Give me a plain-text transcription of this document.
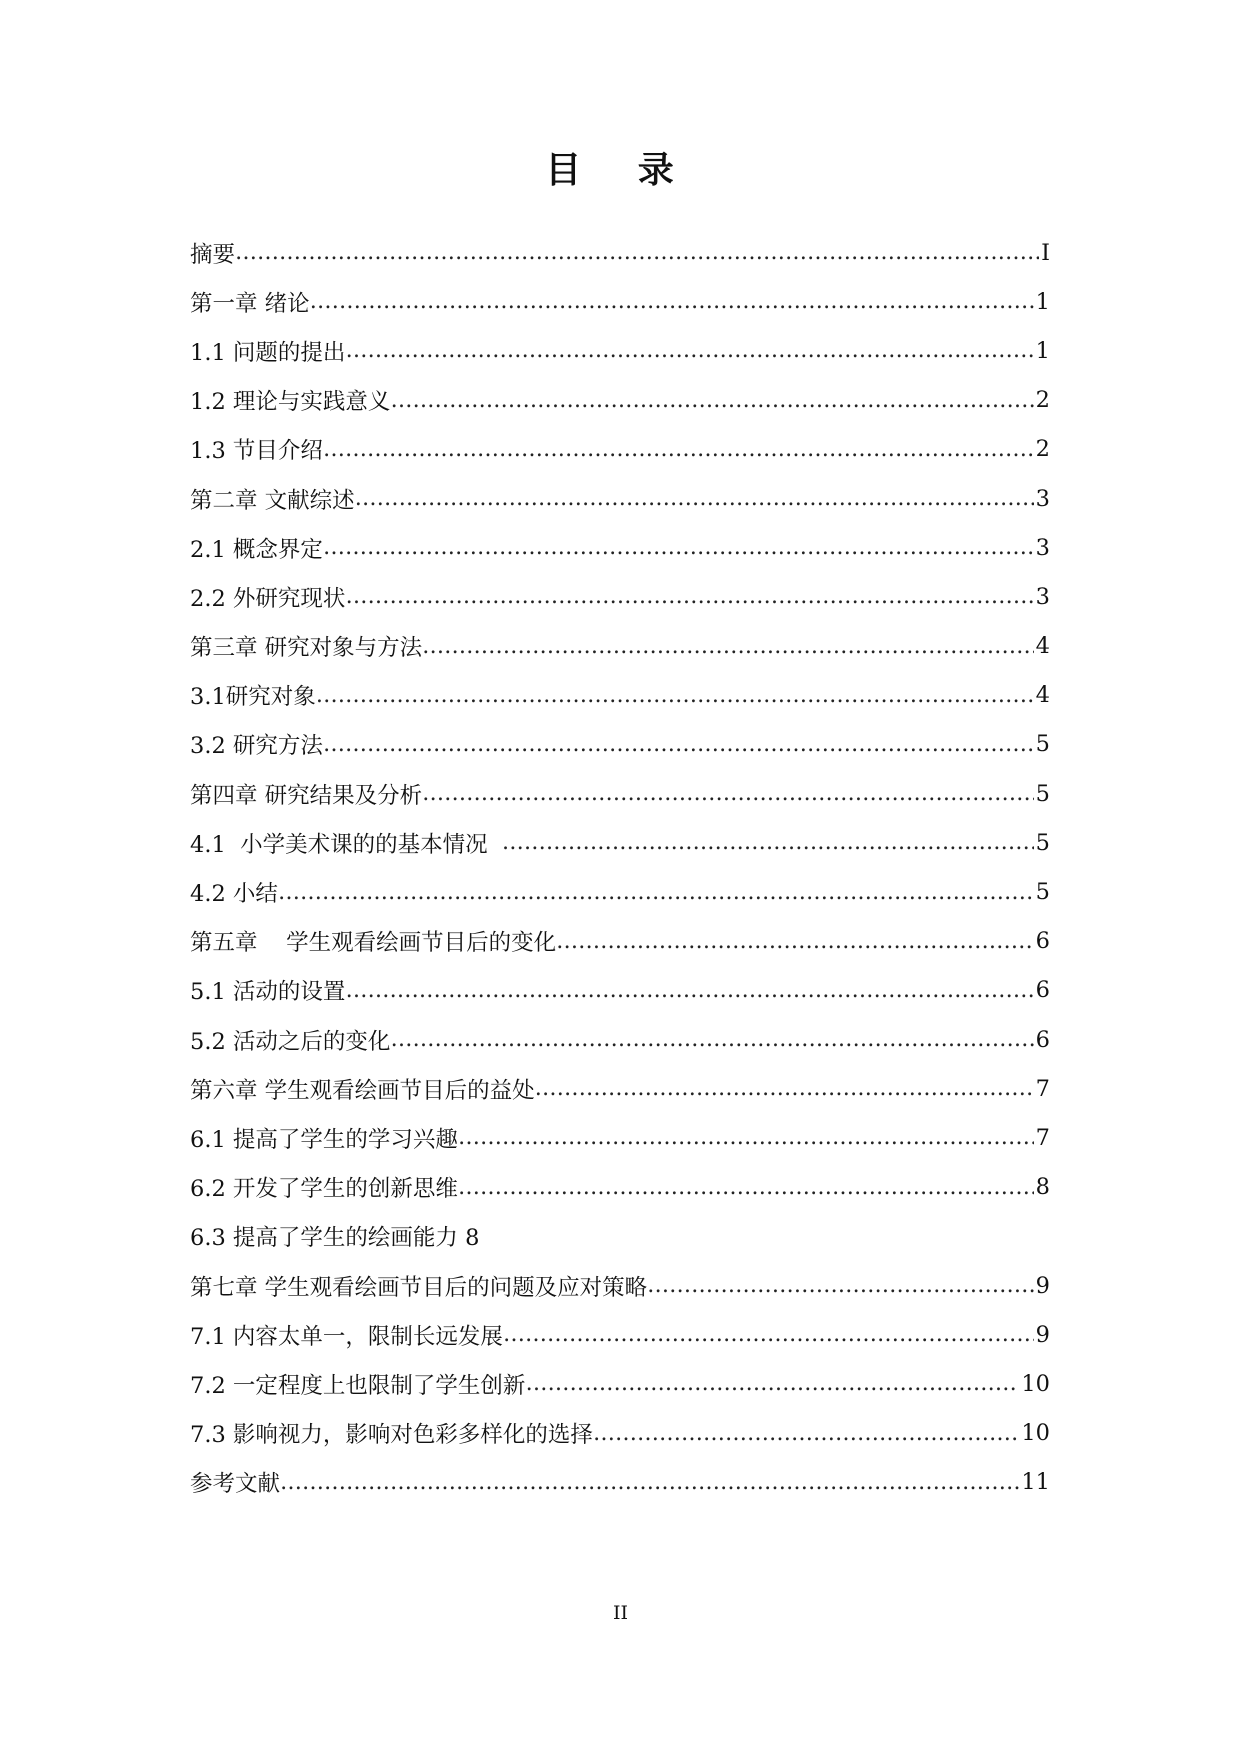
目 录
摘要 …………………………………………………………………………………………………………………………………………………………………	Ⅰ
第一章 绪论 …………………………………………………………………………………………………………………………………………………………………	1
1.1 问题的提出 …………………………………………………………………………………………………………………………………………………………………	1
1.2 理论与实践意义 …………………………………………………………………………………………………………………………………………………………………	2
1.3 节目介绍 …………………………………………………………………………………………………………………………………………………………………	2
第二章 文献综述 …………………………………………………………………………………………………………………………………………………………………	3
2.1 概念界定 …………………………………………………………………………………………………………………………………………………………………	3
2.2 外研究现状 …………………………………………………………………………………………………………………………………………………………………	3
第三章 研究对象与方法 …………………………………………………………………………………………………………………………………………………………………	4
3.1研究对象 …………………………………………………………………………………………………………………………………………………………………	4
3.2 研究方法 …………………………………………………………………………………………………………………………………………………………………	5
第四章 研究结果及分析 …………………………………………………………………………………………………………………………………………………………………	5
4.1  小学美术课的的基本情况 …………………………………………………………………………………………………………………………………………………………………	5
4.2 小结 …………………………………………………………………………………………………………………………………………………………………	5
第五章    学生观看绘画节目后的变化 …………………………………………………………………………………………………………………………………………………………………	6
5.1 活动的设置 …………………………………………………………………………………………………………………………………………………………………	6
5.2 活动之后的变化 …………………………………………………………………………………………………………………………………………………………………	6
第六章 学生观看绘画节目后的益处 …………………………………………………………………………………………………………………………………………………………………	7
6.1 提高了学生的学习兴趣 …………………………………………………………………………………………………………………………………………………………………	7
6.2 开发了学生的创新思维 …………………………………………………………………………………………………………………………………………………………………	8
6.3 提高了学生的绘画能力 8
第七章 学生观看绘画节目后的问题及应对策略 …………………………………………………………………………………………………………………………………………………………………	9
7.1 内容太单一，限制长远发展 …………………………………………………………………………………………………………………………………………………………………	9
7.2 一定程度上也限制了学生创新 …………………………………………………………………………………………………………………………………………………………………	10
7.3 影响视力，影响对色彩多样化的选择 …………………………………………………………………………………………………………………………………………………………………	10
参考文献 …………………………………………………………………………………………………………………………………………………………………	11
II
